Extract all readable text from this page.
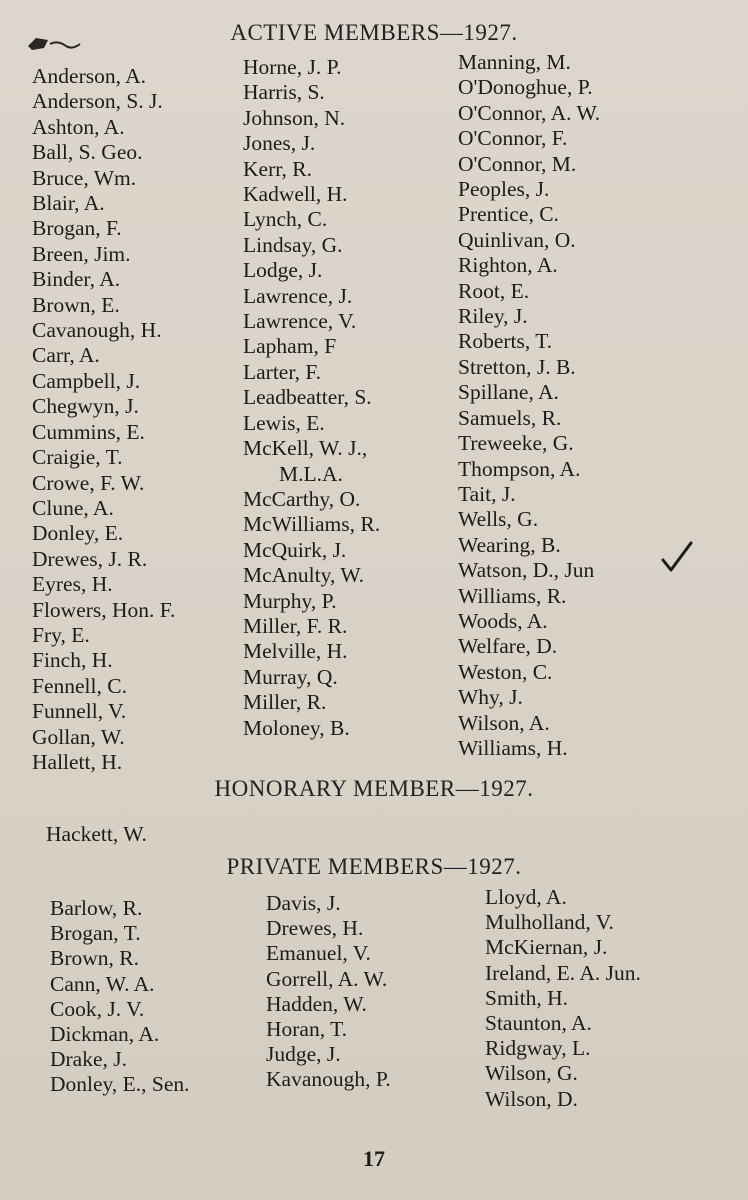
ACTIVE MEMBERS—1927.
Anderson, A.
Anderson, S. J.
Ashton, A.
Ball, S. Geo.
Bruce, Wm.
Blair, A.
Brogan, F.
Breen, Jim.
Binder, A.
Brown, E.
Cavanough, H.
Carr, A.
Campbell, J.
Chegwyn, J.
Cummins, E.
Craigie, T.
Crowe, F. W.
Clune, A.
Donley, E.
Drewes, J. R.
Eyres, H.
Flowers, Hon. F.
Fry, E.
Finch, H.
Fennell, C.
Funnell, V.
Gollan, W.
Hallett, H.
Horne, J. P.
Harris, S.
Johnson, N.
Jones, J.
Kerr, R.
Kadwell, H.
Lynch, C.
Lindsay, G.
Lodge, J.
Lawrence, J.
Lawrence, V.
Lapham, F
Larter, F.
Leadbeatter, S.
Lewis, E.
McKell, W. J.,
M.L.A.
McCarthy, O.
McWilliams, R.
McQuirk, J.
McAnulty, W.
Murphy, P.
Miller, F. R.
Melville, H.
Murray, Q.
Miller, R.
Moloney, B.
Manning, M.
O'Donoghue, P.
O'Connor, A. W.
O'Connor, F.
O'Connor, M.
Peoples, J.
Prentice, C.
Quinlivan, O.
Righton, A.
Root, E.
Riley, J.
Roberts, T.
Stretton, J. B.
Spillane, A.
Samuels, R.
Treweeke, G.
Thompson, A.
Tait, J.
Wells, G.
Wearing, B.
Watson, D., Jun
Williams, R.
Woods, A.
Welfare, D.
Weston, C.
Why, J.
Wilson, A.
Williams, H.
HONORARY MEMBER—1927.
Hackett, W.
PRIVATE MEMBERS—1927.
Barlow, R.
Brogan, T.
Brown, R.
Cann, W. A.
Cook, J. V.
Dickman, A.
Drake, J.
Donley, E., Sen.
Davis, J.
Drewes, H.
Emanuel, V.
Gorrell, A. W.
Hadden, W.
Horan, T.
Judge, J.
Kavanough, P.
Lloyd, A.
Mulholland, V.
McKiernan, J.
Ireland, E. A. Jun.
Smith, H.
Staunton, A.
Ridgway, L.
Wilson, G.
Wilson, D.
17
